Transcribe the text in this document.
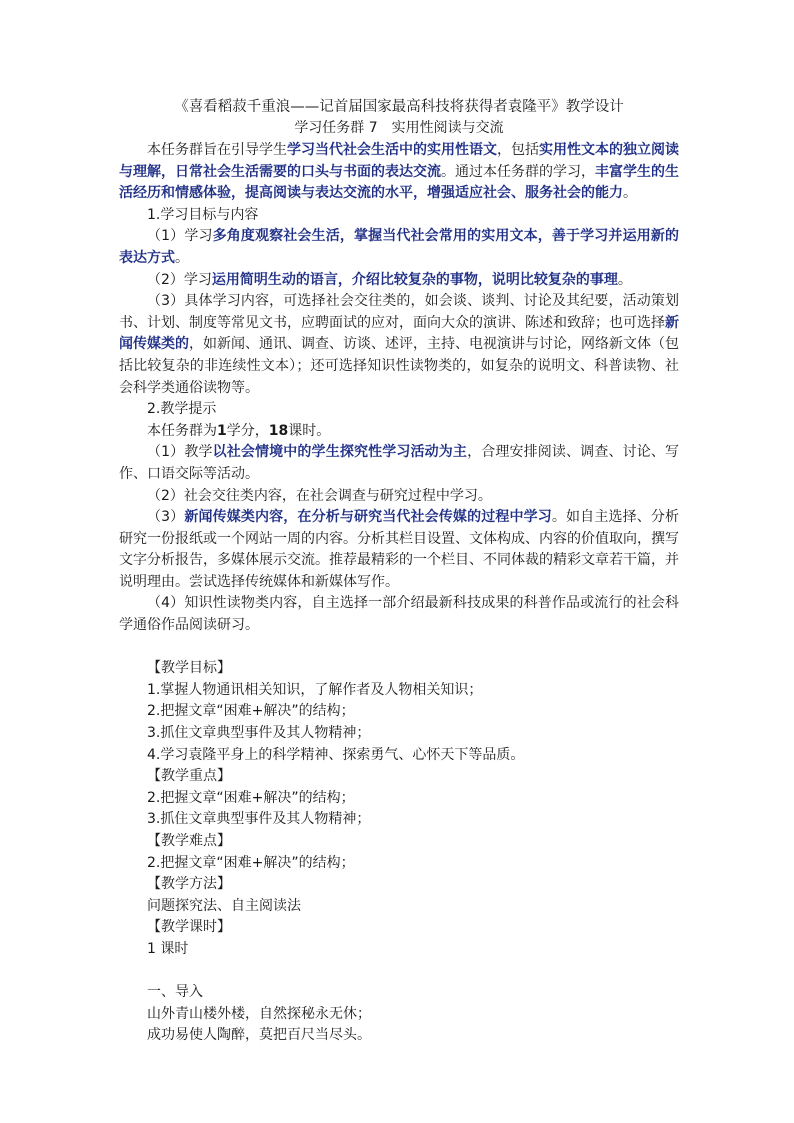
《喜看稻菽千重浪——记首届国家最高科技将获得者袁隆平》教学设计

学习任务群 7　实用性阅读与交流

本任务群旨在引导学生学习当代社会生活中的实用性语文，包括实用性文本的独立阅读与理解，日常社会生活需要的口头与书面的表达交流。通过本任务群的学习，丰富学生的生活经历和情感体验，提高阅读与表达交流的水平，增强适应社会、服务社会的能力。

1.学习目标与内容

（1）学习多角度观察社会生活，掌握当代社会常用的实用文本，善于学习并运用新的表达方式。

（2）学习运用简明生动的语言，介绍比较复杂的事物，说明比较复杂的事理。

（3）具体学习内容，可选择社会交往类的，如会谈、谈判、讨论及其纪要，活动策划书、计划、制度等常见文书，应聘面试的应对，面向大众的演讲、陈述和致辞；也可选择新闻传媒类的，如新闻、通讯、调查、访谈、述评，主持、电视演讲与讨论，网络新文体（包括比较复杂的非连续性文本）；还可选择知识性读物类的，如复杂的说明文、科普读物、社会科学类通俗读物等。

2.教学提示

本任务群为1学分，18课时。

（1）教学以社会情境中的学生探究性学习活动为主，合理安排阅读、调查、讨论、写作、口语交际等活动。

（2）社会交往类内容，在社会调查与研究过程中学习。

（3）新闻传媒类内容，在分析与研究当代社会传媒的过程中学习。如自主选择、分析研究一份报纸或一个网站一周的内容。分析其栏目设置、文体构成、内容的价值取向，撰写文字分析报告，多媒体展示交流。推荐最精彩的一个栏目、不同体裁的精彩文章若干篇，并说明理由。尝试选择传统媒体和新媒体写作。

（4）知识性读物类内容，自主选择一部介绍最新科技成果的科普作品或流行的社会科学通俗作品阅读研习。

【教学目标】

1.掌握人物通讯相关知识，了解作者及人物相关知识；

2.把握文章“困难+解决”的结构；

3.抓住文章典型事件及其人物精神；

4.学习袁隆平身上的科学精神、探索勇气、心怀天下等品质。

【教学重点】

2.把握文章“困难+解决”的结构；

3.抓住文章典型事件及其人物精神；

【教学难点】

2.把握文章“困难+解决”的结构；

【教学方法】

问题探究法、自主阅读法

【教学课时】

1 课时

一、导入

山外青山楼外楼，自然探秘永无休；

成功易使人陶醉，莫把百尺当尽头。
